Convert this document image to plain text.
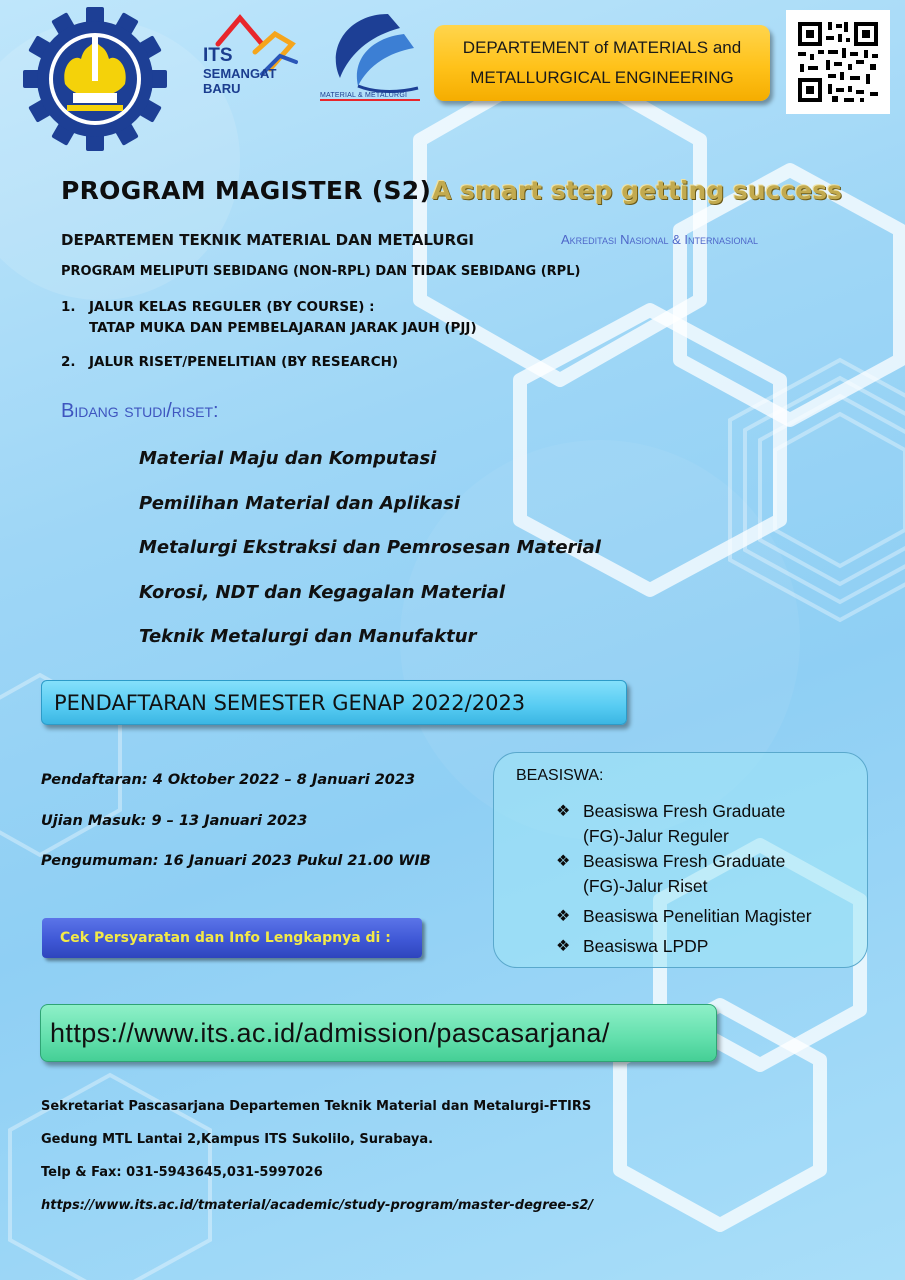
ITS
SEMANGAT
BARU	MATERIAL & METALURGI
DEPARTEMENT of MATERIALS and
METALLURGICAL ENGINEERING
PROGRAM MAGISTER (S2) A smart step getting success
DEPARTEMEN TEKNIK MATERIAL DAN METALURGI	Akreditasi Nasional & Internasional
PROGRAM MELIPUTI SEBIDANG (NON-RPL) DAN TIDAK SEBIDANG (RPL)
1. JALUR KELAS REGULER (BY COURSE) :
TATAP MUKA DAN PEMBELAJARAN JARAK JAUH (PJJ)
2. JALUR RISET/PENELITIAN (BY RESEARCH)
Bidang studi/riset:
Material Maju dan Komputasi
Pemilihan Material dan Aplikasi
Metalurgi Ekstraksi dan Pemrosesan Material
Korosi, NDT dan Kegagalan Material
Teknik Metalurgi dan Manufaktur
PENDAFTARAN SEMESTER GENAP 2022/2023
Pendaftaran: 4 Oktober 2022 – 8 Januari 2023
Ujian Masuk: 9 – 13 Januari 2023
Pengumuman: 16 Januari 2023 Pukul 21.00 WIB
BEASISWA:
❖ Beasiswa Fresh Graduate
(FG)-Jalur Reguler
❖ Beasiswa Fresh Graduate
(FG)-Jalur Riset
❖ Beasiswa Penelitian Magister
❖ Beasiswa LPDP
Cek Persyaratan dan Info Lengkapnya di :
https://www.its.ac.id/admission/pascasarjana/
Sekretariat Pascasarjana Departemen Teknik Material dan Metalurgi-FTIRS
Gedung MTL Lantai 2,Kampus ITS Sukolilo, Surabaya.
Telp & Fax: 031-5943645,031-5997026
https://www.its.ac.id/tmaterial/academic/study-program/master-degree-s2/
